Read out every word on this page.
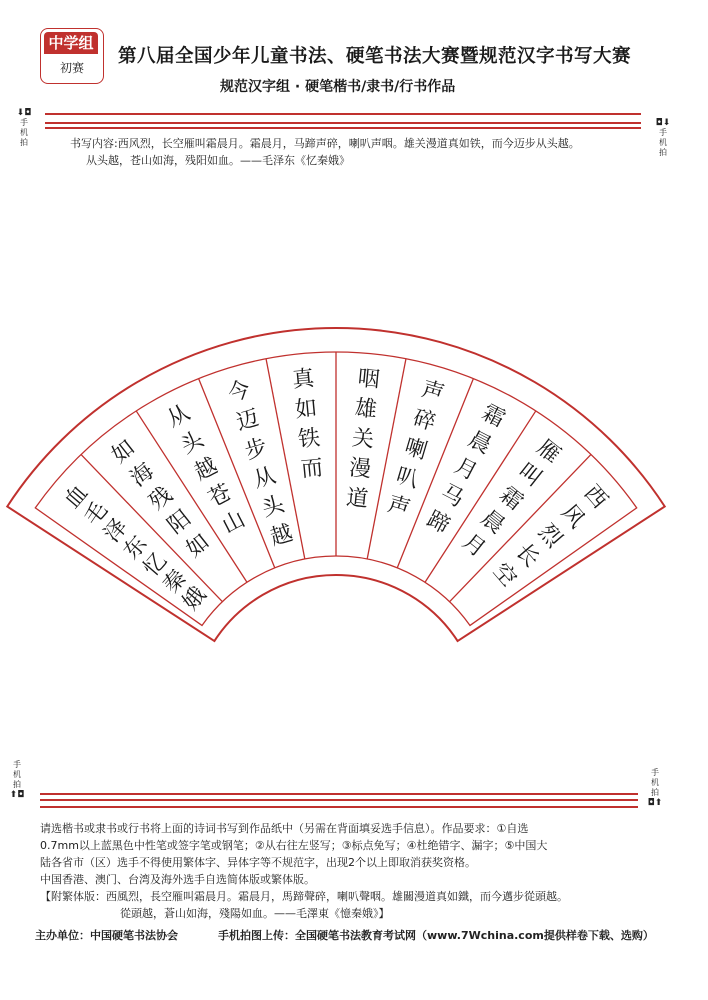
中学组
初赛
第八届全国少年儿童书法、硬笔书法大赛暨规范汉字书写大赛
规范汉字组 · 硬笔楷书/隶书/行书作品
⬇◘
手
机
拍
◘⬇
手
机
拍
书写内容:西风烈，长空雁叫霜晨月。霜晨月，马蹄声碎，喇叭声咽。雄关漫道真如铁，而今迈步从头越。
从头越，苍山如海，残阳如血。——毛泽东《忆秦娥》
西
风
烈
长
空
雁
叫
霜
晨
月
霜
晨
月
马
蹄
声
碎
喇
叭
声
咽
雄
关
漫
道
真
如
铁
而
今
迈
步
从
头
越
从
头
越
苍
山
如
海
残
阳
如
血
毛
泽
东
忆
秦
娥
手
机
拍
⬆◘
手
机
拍
◘⬆
请选楷书或隶书或行书将上面的诗词书写到作品纸中（另需在背面填妥选手信息）。作品要求：①自选
0.7mm以上蓝黑色中性笔或签字笔或钢笔；②从右往左竖写；③标点免写；④杜绝错字、漏字；⑤中国大
陆各省市（区）选手不得使用繁体字、异体字等不规范字，出现2个以上即取消获奖资格。
中国香港、澳门、台湾及海外选手自选简体版或繁体版。
【附繁体版：西風烈，長空雁叫霜晨月。霜晨月，馬蹄聲碎，喇叭聲咽。雄關漫道真如鐵，而今邁步從頭越。
從頭越，蒼山如海，殘陽如血。——毛澤東《憶秦娥》】
主办单位：中国硬笔书法协会	手机拍图上传：全国硬笔书法教育考试网（www.7Wchina.com提供样卷下载、选购）
